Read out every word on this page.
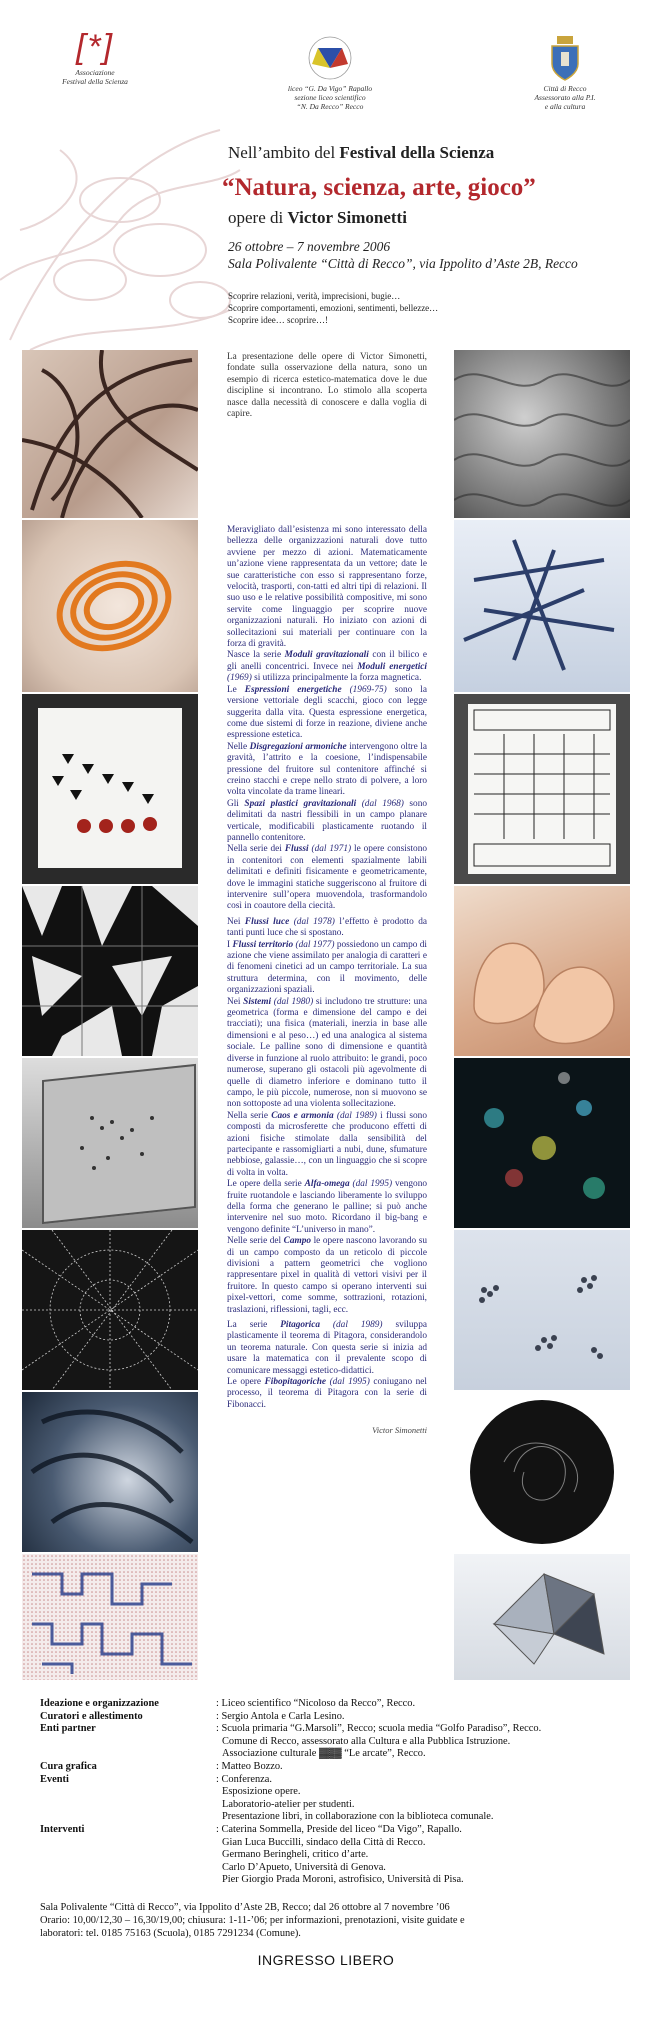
[*]
Associazione
Festival della Scienza
liceo “G. Da Vigo” Rapallo
sezione liceo scientifico
“N. Da Recco” Recco
Città di Recco
Assessorato alla P.I.
e alla cultura
Nell’ambito del Festival della Scienza
“Natura, scienza, arte, gioco”
opere di Victor Simonetti
26 ottobre – 7 novembre 2006
Sala Polivalente “Città di Recco”, via Ippolito d’Aste 2B, Recco
Scoprire relazioni, verità, imprecisioni, bugie…
Scoprire comportamenti, emozioni, sentimenti, bellezze…
Scoprire idee… scoprire…!
La presentazione delle opere di Victor Simonetti, fondate sulla osservazione della natura, sono un esempio di ricerca estetico-matematica dove le due discipline si incontrano. Lo stimolo alla scoperta nasce dalla necessità di conoscere e dalla voglia di capire.

Meravigliato dall’esistenza mi sono interessato della bellezza delle organizzazioni naturali dove tutto avviene per mezzo di azioni. Matematicamente un’azione viene rappresentata da un vettore; date le sue caratteristiche con esso si rappresentano forze, velocità, trasporti, con-tatti ed altri tipi di relazioni. Il suo uso e le relative possibilità compositive, mi sono servite come linguaggio per scoprire nuove organizzazioni naturali. Ho iniziato con azioni di sollecitazioni sui materiali per continuare con la forza di gravità.

Nasce la serie Moduli gravitazionali con il bilico e gli anelli concentrici. Invece nei Moduli energetici (1969) si utilizza principalmente la forza magnetica.

Le Espressioni energetiche (1969-75) sono la versione vettoriale degli scacchi, gioco con legge suggerita dalla vita. Questa espressione energetica, come due sistemi di forze in reazione, diviene anche espressione estetica.

Nelle Disgregazioni armoniche intervengono oltre la gravità, l’attrito e la coesione, l’indispensabile pressione del fruitore sul contenitore affinché si creino stacchi e crepe nello strato di polvere, a loro volta vincolate da trame lineari.

Gli Spazi plastici gravitazionali (dal 1968) sono delimitati da nastri flessibili in un campo planare verticale, modificabili plasticamente ruotando il pannello contenitore.

Nella serie dei Flussi (dal 1971) le opere consistono in contenitori con elementi spazialmente labili delimitati e definiti fisicamente e geometricamente, dove le immagini statiche suggeriscono al fruitore di intervenire sull’opera muovendola, trasformandolo così in coautore della ciecità.

Nei Flussi luce (dal 1978) l’effetto è prodotto da tanti punti luce che si spostano.

I Flussi territorio (dal 1977) possiedono un campo di azione che viene assimilato per analogia di caratteri e di fenomeni cinetici ad un campo territoriale. La sua struttura determina, con il movimento, delle organizzazioni spaziali.

Nei Sistemi (dal 1980) si includono tre strutture: una geometrica (forma e dimensione del campo e dei tracciati); una fisica (materiali, inerzia in base alle dimensioni e al peso…) ed una analogica al sistema sociale. Le palline sono di dimensione e quantità diverse in funzione al ruolo attribuito: le grandi, poco numerose, superano gli ostacoli più agevolmente di quelle di diametro inferiore e dominano tutto il campo, le più piccole, numerose, non si muovono se non sottoposte ad una violenta sollecitazione.

Nella serie Caos e armonia (dal 1989) i flussi sono composti da microsferette che producono effetti di azioni fisiche stimolate dalla sensibilità del partecipante e rassomigliarti a nubi, dune, sfumature nebbiose, galassie…, con un linguaggio che si scopre di volta in volta.

Le opere della serie Alfa-omega (dal 1995) vengono fruite ruotandole e lasciando liberamente lo sviluppo della forma che generano le palline; si può anche intervenire nel suo moto. Ricordano il big-bang e vengono definite “L’universo in mano”.

Nelle serie del Campo le opere nascono lavorando su di un campo composto da un reticolo di piccole divisioni a pattern geometrici che vogliono rappresentare pixel in qualità di vettori visivi per il fruitore. In questo campo si operano interventi sui pixel-vettori, come somme, sottrazioni, rotazioni, traslazioni, riflessioni, tagli, ecc.

La serie Pitagorica (dal 1989) sviluppa plasticamente il teorema di Pitagora, considerandolo un teorema naturale. Con questa serie si inizia ad usare la matematica con il prevalente scopo di comunicare messaggi estetico-didattici.

Le opere Fibopitagoriche (dal 1995) coniugano nel processo, il teorema di Pitagora con la serie di Fibonacci.

Victor Simonetti

Ideazione e organizzazione	: Liceo scientifico “Nicoloso da Recco”, Recco.
Curatori e allestimento	: Sergio Antola e Carla Lesino.
Enti partner	: Scuola primaria “G.Marsoli”, Recco; scuola media “Golfo Paradiso”, Recco.
Comune di Recco, assessorato alla Cultura e alla Pubblica Istruzione.
Associazione culturale ▓▓▓ “Le arcate”, Recco.
Cura grafica	: Matteo Bozzo.
Eventi	: Conferenza.
Esposizione opere.
Laboratorio-atelier per studenti.
Presentazione libri, in collaborazione con la biblioteca comunale.
Interventi	: Caterina Sommella, Preside del liceo “Da Vigo”, Rapallo.
Gian Luca Buccilli, sindaco della Città di Recco.
Germano Beringheli, critico d’arte.
Carlo D’Apueto, Università di Genova.
Pier Giorgio Prada Moroni, astrofisico, Università di Pisa.
Sala Polivalente “Città di Recco”, via Ippolito d’Aste 2B, Recco; dal 26 ottobre al 7 novembre ’06
Orario: 10,00/12,30 – 16,30/19,00; chiusura: 1-11-’06; per informazioni, prenotazioni, visite guidate e
laboratori: tel. 0185 75163 (Scuola), 0185 7291234 (Comune).
INGRESSO LIBERO
